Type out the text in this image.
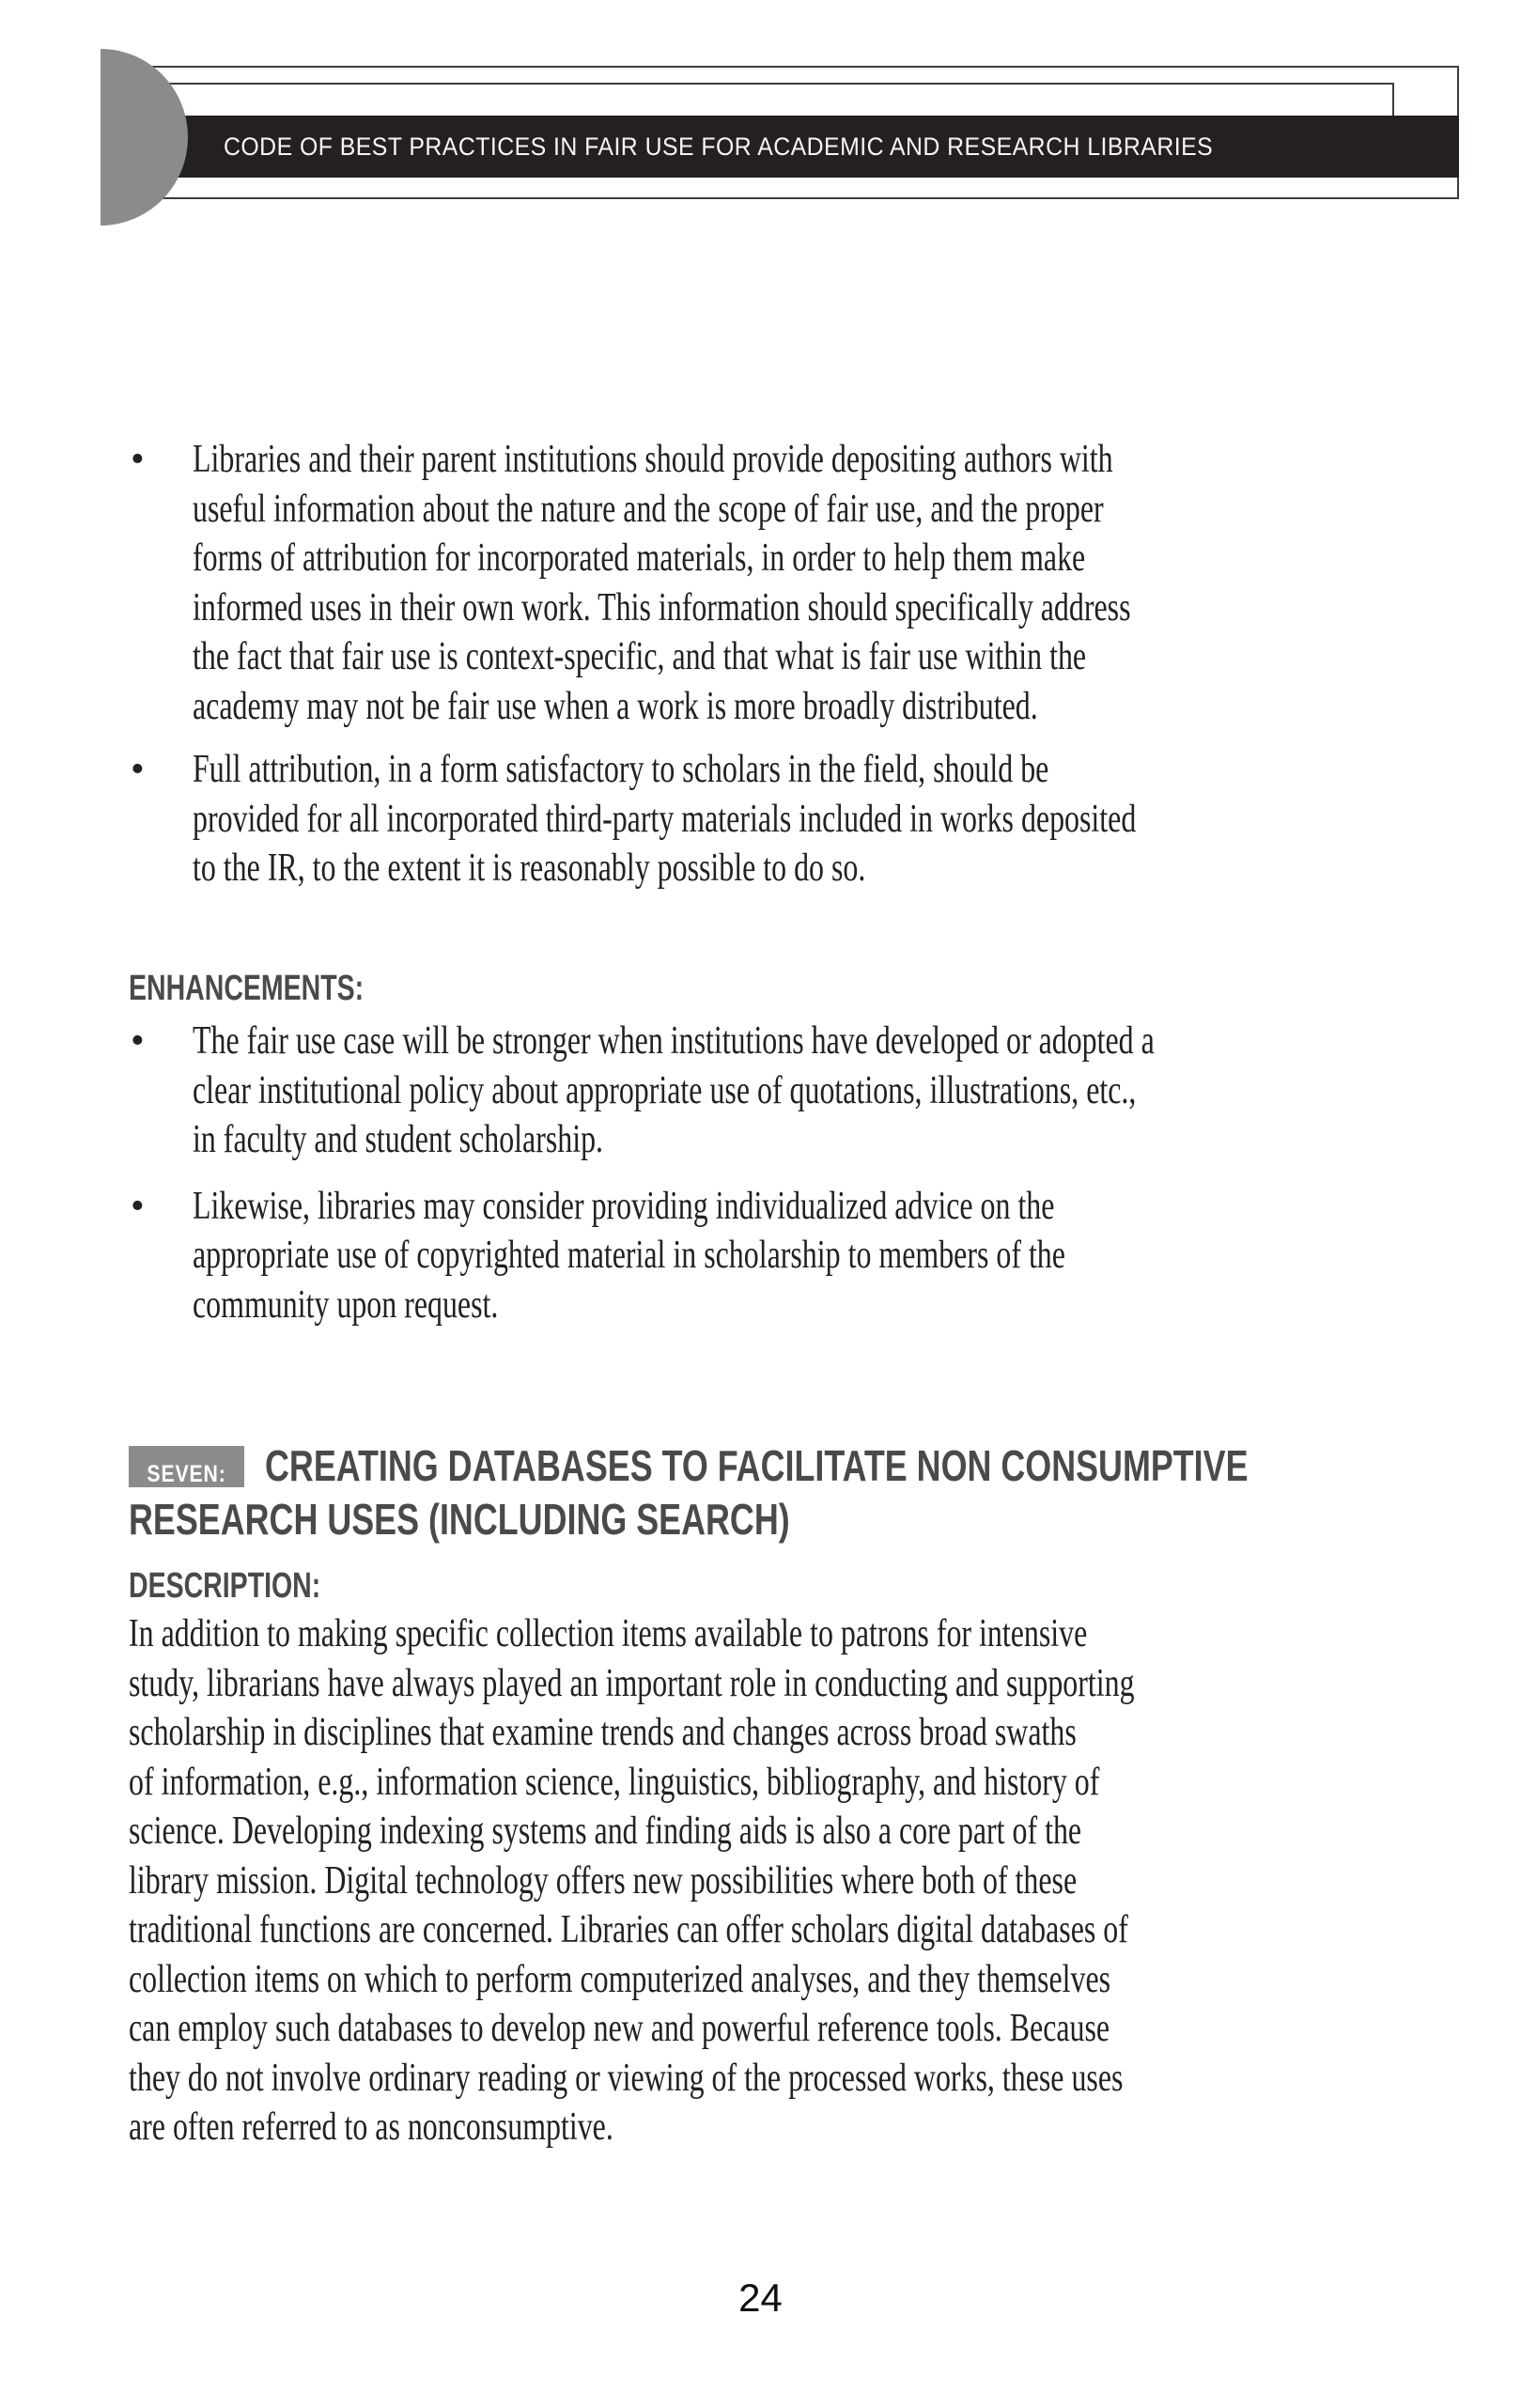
CODE OF BEST PRACTICES IN FAIR USE FOR ACADEMIC AND RESEARCH LIBRARIES
• Libraries and their parent institutions should provide depositing authors with
useful information about the nature and the scope of fair use, and the proper
forms of attribution for incorporated materials, in order to help them make
informed uses in their own work. This information should specifically address
the fact that fair use is context-specific, and that what is fair use within the
academy may not be fair use when a work is more broadly distributed.
• Full attribution, in a form satisfactory to scholars in the field, should be
provided for all incorporated third-party materials included in works deposited
to the IR, to the extent it is reasonably possible to do so.
ENHANCEMENTS:
• The fair use case will be stronger when institutions have developed or adopted a
clear institutional policy about appropriate use of quotations, illustrations, etc.,
in faculty and student scholarship.
• Likewise, libraries may consider providing individualized advice on the
appropriate use of copyrighted material in scholarship to members of the
community upon request.
SEVEN: CREATING DATABASES TO FACILITATE NON CONSUMPTIVE
RESEARCH USES (INCLUDING SEARCH)
DESCRIPTION:
In addition to making specific collection items available to patrons for intensive
study, librarians have always played an important role in conducting and supporting
scholarship in disciplines that examine trends and changes across broad swaths
of information, e.g., information science, linguistics, bibliography, and history of
science. Developing indexing systems and finding aids is also a core part of the
library mission. Digital technology offers new possibilities where both of these
traditional functions are concerned. Libraries can offer scholars digital databases of
collection items on which to perform computerized analyses, and they themselves
can employ such databases to develop new and powerful reference tools. Because
they do not involve ordinary reading or viewing of the processed works, these uses
are often referred to as nonconsumptive.
24
